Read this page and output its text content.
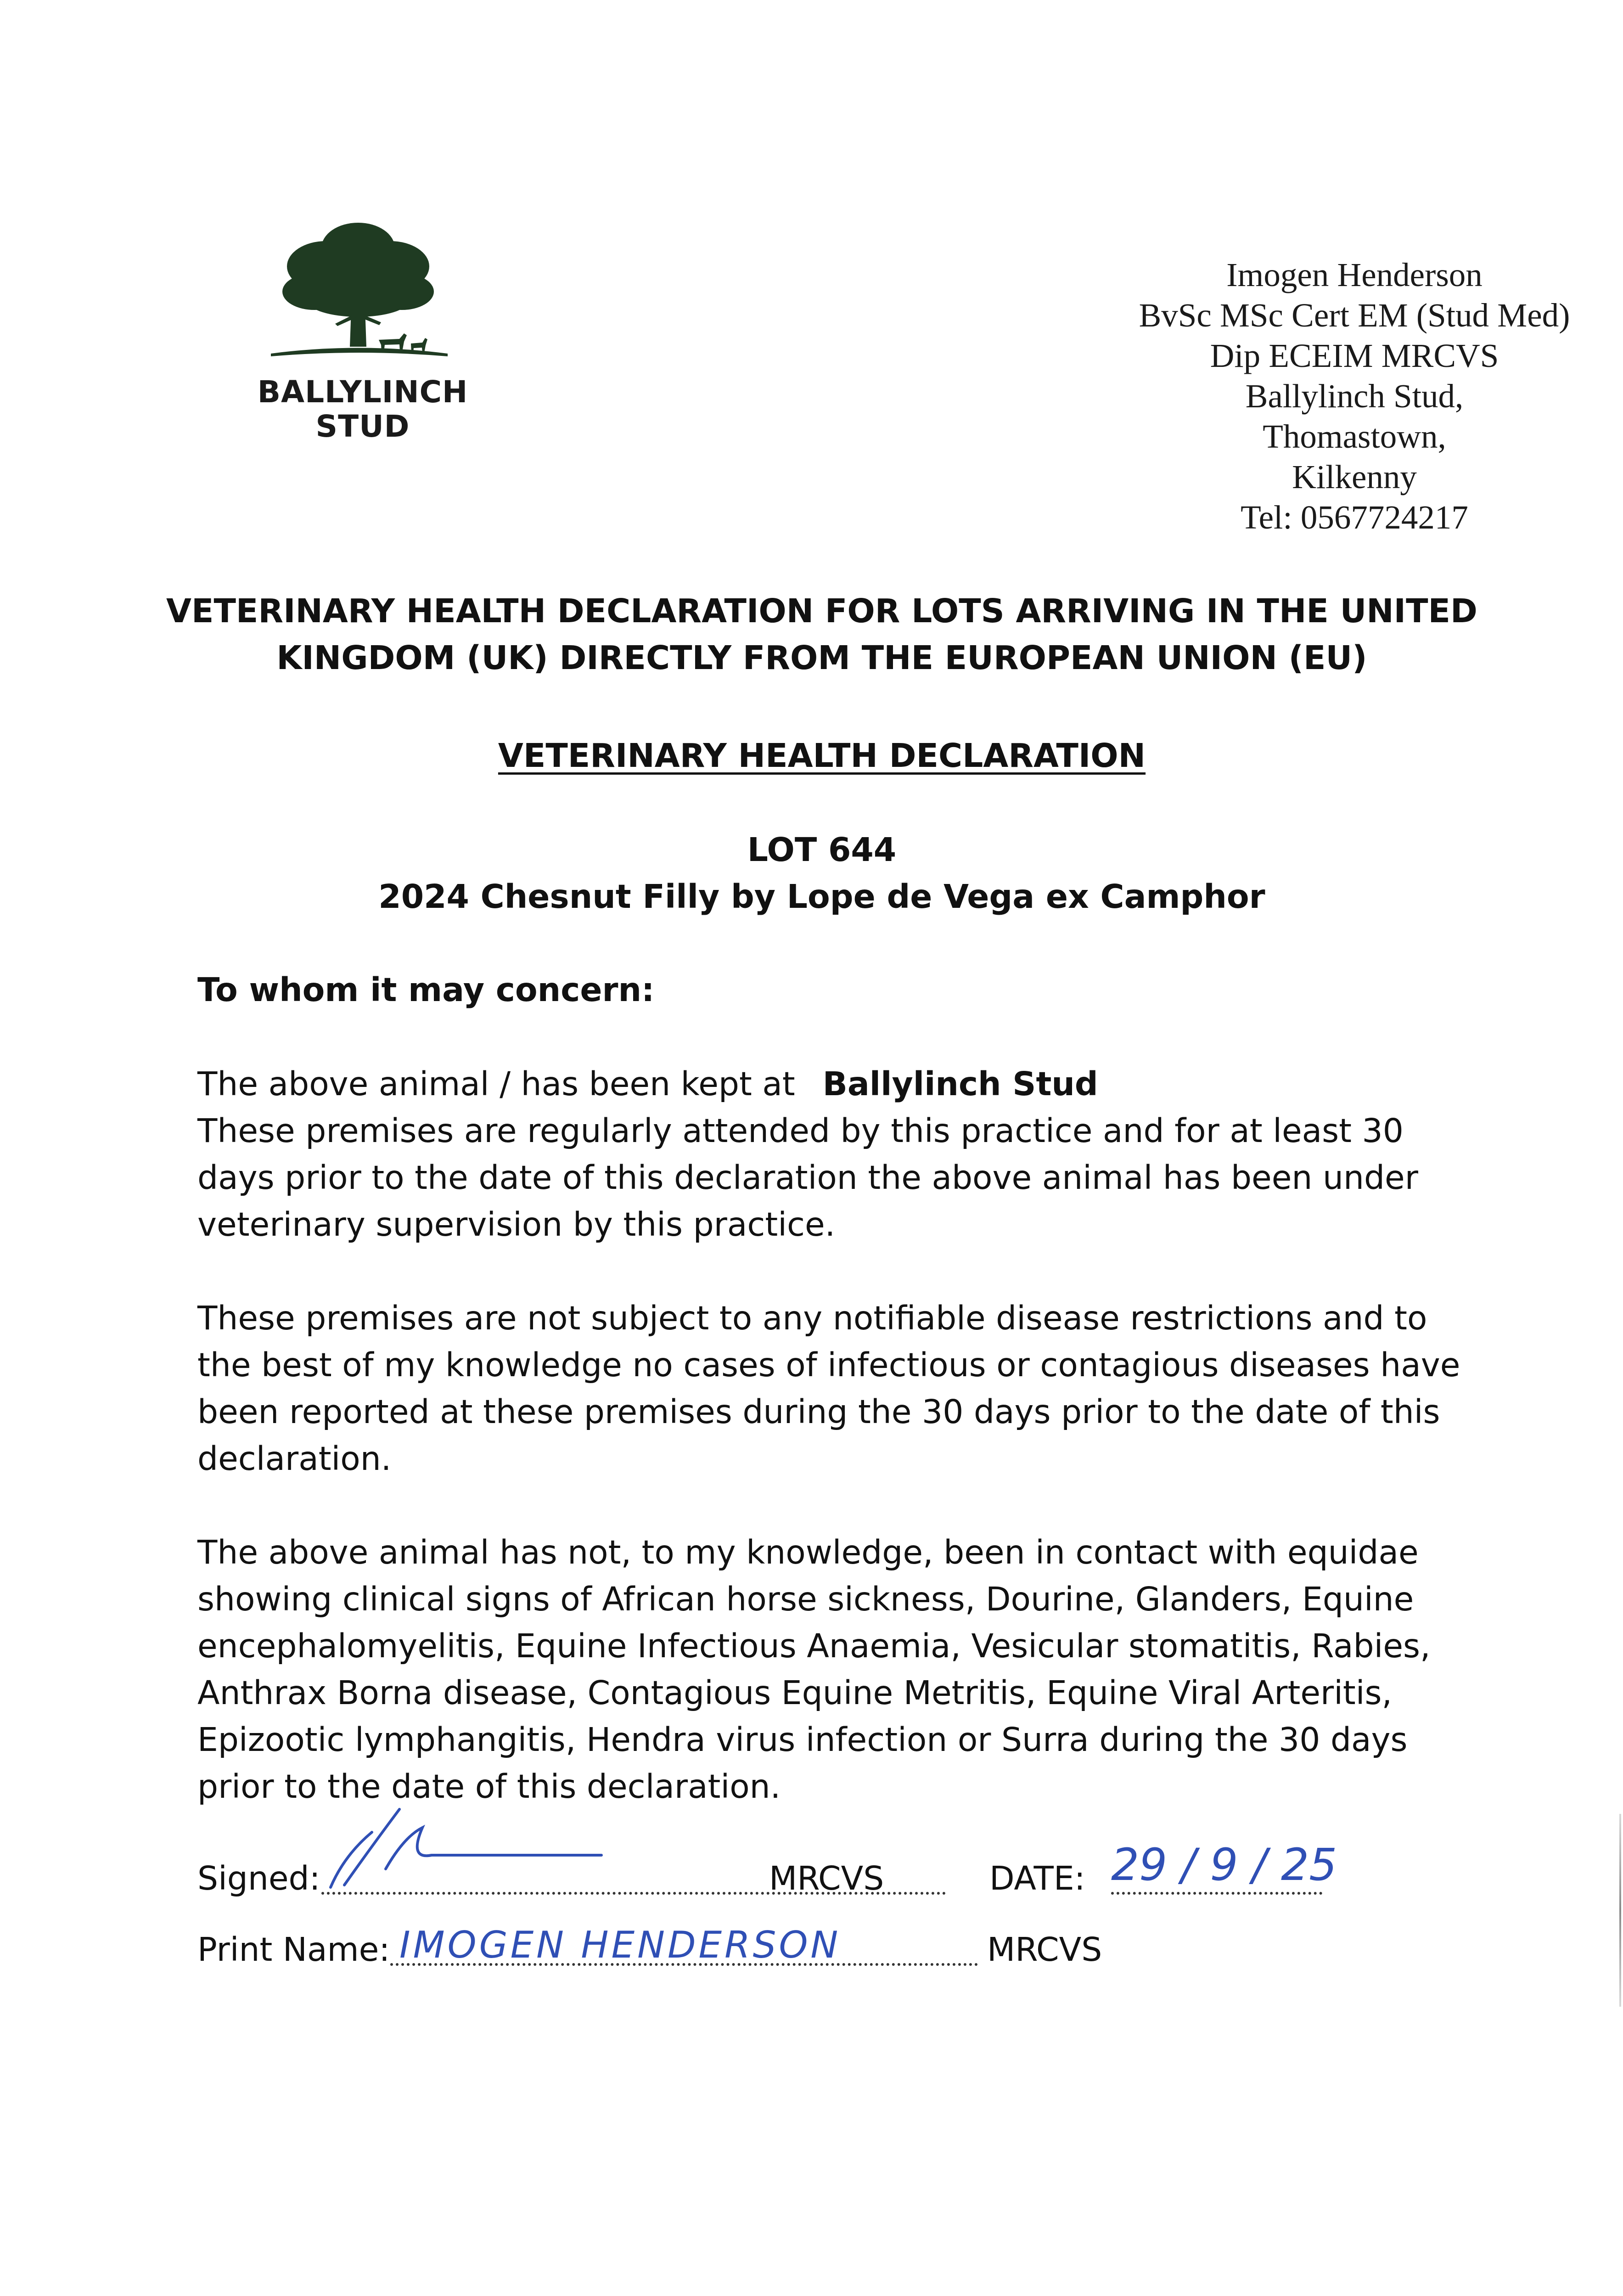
BALLYLINCH
STUD
Imogen Henderson
BvSc MSc Cert EM (Stud Med)
Dip ECEIM MRCVS
Ballylinch Stud,
Thomastown,
Kilkenny
Tel: 0567724217
VETERINARY HEALTH DECLARATION FOR LOTS ARRIVING IN THE UNITED
KINGDOM (UK) DIRECTLY FROM THE EUROPEAN UNION (EU)
VETERINARY HEALTH DECLARATION
LOT 644
2024 Chesnut Filly by Lope de Vega ex Camphor
To whom it may concern:
The above animal / has been kept at Ballylinch Stud
These premises are regularly attended by this practice and for at least 30 days prior to the date of this declaration the above animal has been under veterinary supervision by this practice.
These premises are not subject to any notifiable disease restrictions and to the best of my knowledge no cases of infectious or contagious diseases have been reported at these premises during the 30 days prior to the date of this declaration.
The above animal has not, to my knowledge, been in contact with equidae showing clinical signs of African horse sickness, Dourine, Glanders, Equine encephalomyelitis, Equine Infectious Anaemia, Vesicular stomatitis, Rabies, Anthrax Borna disease, Contagious Equine Metritis, Equine Viral Arteritis, Epizootic lymphangitis, Hendra virus infection or Surra during the 30 days prior to the date of this declaration.
Signed:	MRCVS	DATE: 29 / 9 / 25
Print Name: IMOGEN HENDERSON	MRCVS
